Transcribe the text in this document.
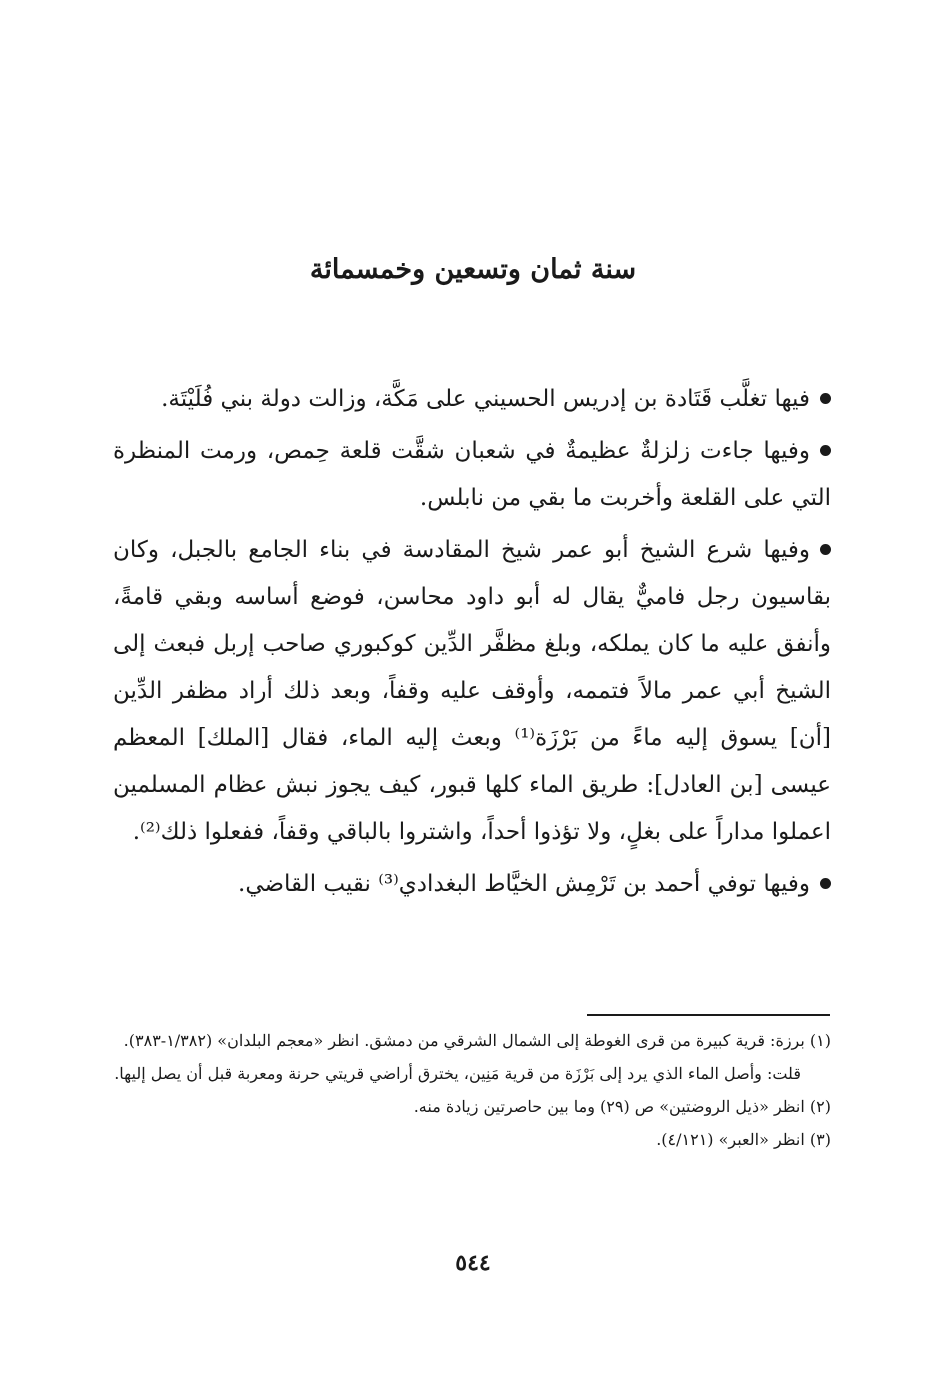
سنة ثمان وتسعين وخمسمائة

فيها تغلَّب قَتَادة بن إدريس الحسيني على مَكَّة، وزالت دولة بني فُلَيْتَة.

وفيها جاءت زلزلةٌ عظيمةٌ في شعبان شقَّت قلعة حِمص، ورمت المنظرة التي على القلعة وأخربت ما بقي من نابلس.

وفيها شرع الشيخ أبو عمر شيخ المقادسة في بناء الجامع بالجبل، وكان بقاسيون رجل فاميٌّ يقال له أبو داود محاسن، فوضع أساسه وبقي قامةً، وأنفق عليه ما كان يملكه، وبلغ مظفَّر الدِّين كوكبوري صاحب إربل فبعث إلى الشيخ أبي عمر مالاً فتممه، وأوقف عليه وقفاً، وبعد ذلك أراد مظفر الدِّين [أن] يسوق إليه ماءً من بَرْزَة⁽¹⁾ وبعث إليه الماء، فقال [الملك] المعظم عيسى [بن العادل]: طريق الماء كلها قبور، كيف يجوز نبش عظام المسلمين اعملوا مداراً على بغلٍ، ولا تؤذوا أحداً، واشتروا بالباقي وقفاً، ففعلوا ذلك⁽²⁾.

وفيها توفي أحمد بن تَرْمِش الخيَّاط البغدادي⁽³⁾ نقيب القاضي.

(١) برزة: قرية كبيرة من قرى الغوطة إلى الشمال الشرقي من دمشق. انظر «معجم البلدان» (١/٣٨٢-٣٨٣).

قلت: وأصل الماء الذي يرد إلى بَرْزَة من قرية مَنِين، يخترق أراضي قريتي حرنة ومعربة قبل أن يصل إليها.

(٢) انظر «ذيل الروضتين» ص (٢٩) وما بين حاصرتين زيادة منه.

(٣) انظر «العبر» (٤/١٢١).

٥٤٤
